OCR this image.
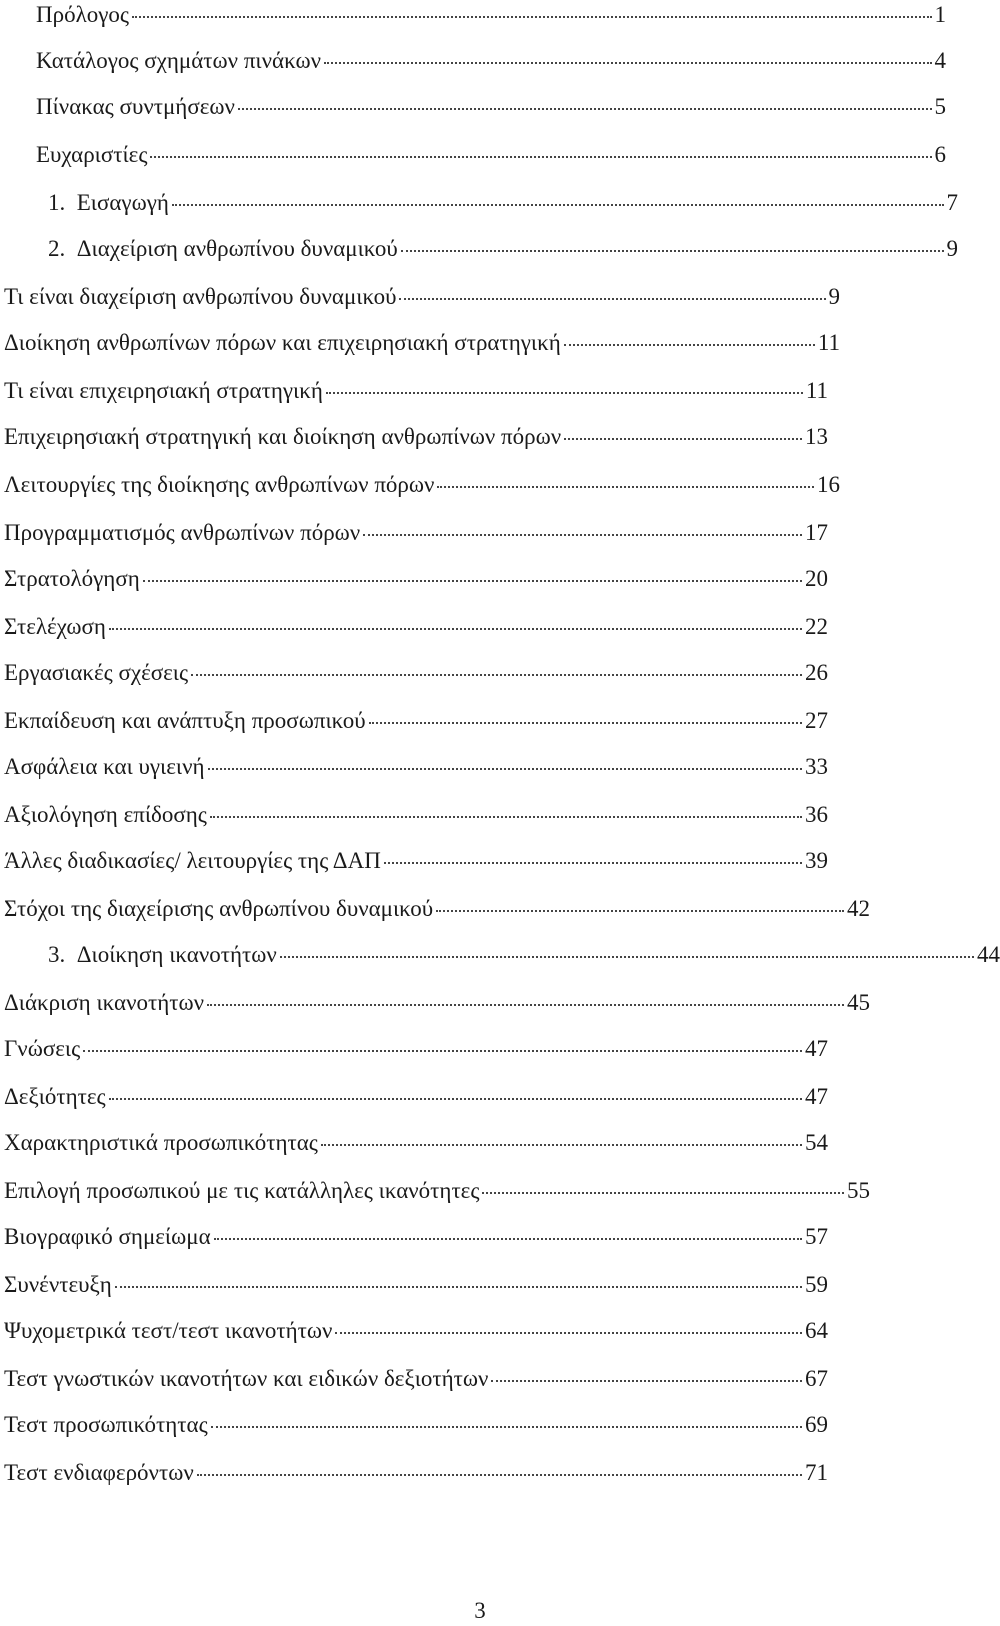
Πρόλογος	1
Κατάλογος σχημάτων πινάκων	4
Πίνακας συντμήσεων	5
Ευχαριστίες	6
1.  Εισαγωγή	7
2.  Διαχείριση ανθρωπίνου δυναμικού	9
Τι είναι διαχείριση ανθρωπίνου δυναμικού	9
Διοίκηση ανθρωπίνων πόρων και επιχειρησιακή στρατηγική	11
Τι είναι επιχειρησιακή στρατηγική	11
Επιχειρησιακή στρατηγική και διοίκηση ανθρωπίνων πόρων	13
Λειτουργίες της διοίκησης ανθρωπίνων πόρων	16
Προγραμματισμός ανθρωπίνων πόρων	17
Στρατολόγηση	20
Στελέχωση	22
Εργασιακές σχέσεις	26
Εκπαίδευση και ανάπτυξη προσωπικού	27
Ασφάλεια και υγιεινή	33
Αξιολόγηση επίδοσης	36
Άλλες διαδικασίες/ λειτουργίες της ΔΑΠ	39
Στόχοι της διαχείρισης ανθρωπίνου δυναμικού	42
3.  Διοίκηση ικανοτήτων	44
Διάκριση ικανοτήτων	45
Γνώσεις	47
Δεξιότητες	47
Χαρακτηριστικά προσωπικότητας	54
Επιλογή προσωπικού με τις κατάλληλες ικανότητες	55
Βιογραφικό σημείωμα	57
Συνέντευξη	59
Ψυχομετρικά τεστ/τεστ ικανοτήτων	64
Τεστ γνωστικών ικανοτήτων και ειδικών δεξιοτήτων	67
Τεστ προσωπικότητας	69
Τεστ ενδιαφερόντων	71
3
